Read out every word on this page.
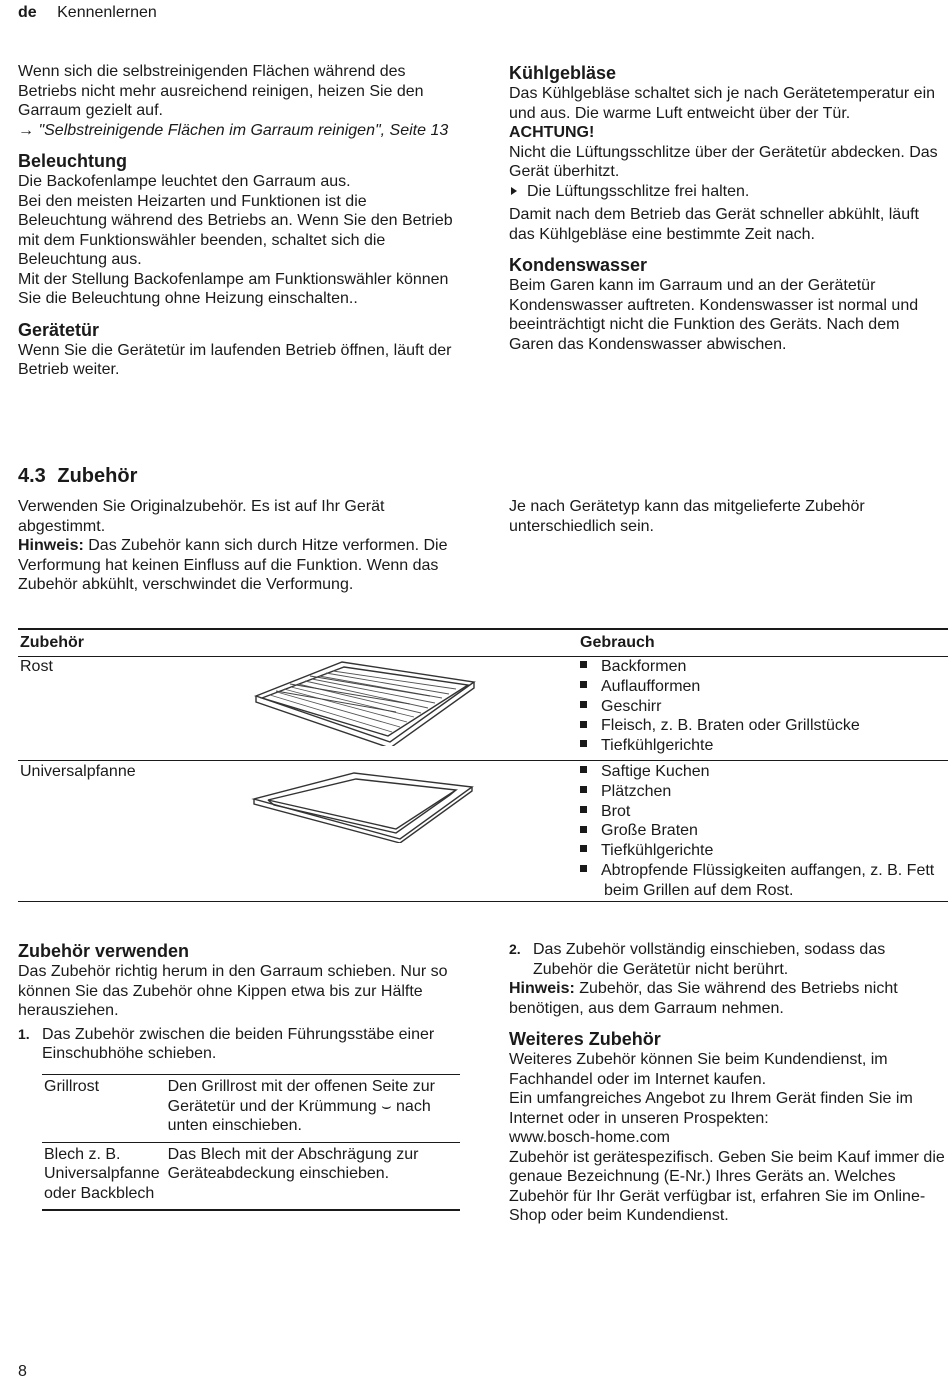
de Kennenlernen

Wenn sich die selbstreinigenden Flächen während des Betriebs nicht mehr ausreichend reinigen, heizen Sie den Garraum gezielt auf.

→ "Selbstreinigende Flächen im Garraum reinigen", Seite 13

Beleuchtung

Die Backofenlampe leuchtet den Garraum aus.

Bei den meisten Heizarten und Funktionen ist die Beleuchtung während des Betriebs an. Wenn Sie den Betrieb mit dem Funktionswähler beenden, schaltet sich die Beleuchtung aus.

Mit der Stellung Backofenlampe am Funktionswähler können Sie die Beleuchtung ohne Heizung einschalten..

Gerätetür

Wenn Sie die Gerätetür im laufenden Betrieb öffnen, läuft der Betrieb weiter.

Kühlgebläse

Das Kühlgebläse schaltet sich je nach Gerätetemperatur ein und aus. Die warme Luft entweicht über der Tür.

ACHTUNG!

Nicht die Lüftungsschlitze über der Gerätetür abdecken. Das Gerät überhitzt.

Die Lüftungsschlitze frei halten.

Damit nach dem Betrieb das Gerät schneller abkühlt, läuft das Kühlgebläse eine bestimmte Zeit nach.

Kondenswasser

Beim Garen kann im Garraum und an der Gerätetür Kondenswasser auftreten. Kondenswasser ist normal und beeinträchtigt nicht die Funktion des Geräts. Nach dem Garen das Kondenswasser abwischen.

4.3 Zubehör

Verwenden Sie Originalzubehör. Es ist auf Ihr Gerät abgestimmt.

Hinweis: Das Zubehör kann sich durch Hitze verformen. Die Verformung hat keinen Einfluss auf die Funktion. Wenn das Zubehör abkühlt, verschwindet die Verformung.

Je nach Gerätetyp kann das mitgelieferte Zubehör unterschiedlich sein.

Zubehör	Gebrauch
Rost	Backformen
Auflaufformen
Geschirr
Fleisch, z. B. Braten oder Grillstücke
Tiefkühlgerichte
Universalpfanne	Saftige Kuchen
Plätzchen
Brot
Große Braten
Tiefkühlgerichte
Abtropfende Flüssigkeiten auffangen, z. B. Fett beim Grillen auf dem Rost.
Zubehör verwenden

Das Zubehör richtig herum in den Garraum schieben. Nur so können Sie das Zubehör ohne Kippen etwa bis zur Hälfte herausziehen.

1. Das Zubehör zwischen die beiden Führungsstäbe einer Einschubhöhe schieben.

Grillrost	Den Grillrost mit der offenen Seite zur Gerätetür und der Krümmung ⌣ nach unten einschieben.
Blech z. B. Universalpfanne oder Backblech	Das Blech mit der Abschrägung zur Geräteabdeckung einschieben.
2. Das Zubehör vollständig einschieben, sodass das Zubehör die Gerätetür nicht berührt.

Hinweis: Zubehör, das Sie während des Betriebs nicht benötigen, aus dem Garraum nehmen.

Weiteres Zubehör

Weiteres Zubehör können Sie beim Kundendienst, im Fachhandel oder im Internet kaufen.

Ein umfangreiches Angebot zu Ihrem Gerät finden Sie im Internet oder in unseren Prospekten:

www.bosch-home.com

Zubehör ist gerätespezifisch. Geben Sie beim Kauf immer die genaue Bezeichnung (E-Nr.) Ihres Geräts an. Welches Zubehör für Ihr Gerät verfügbar ist, erfahren Sie im Online-Shop oder beim Kundendienst.

8
